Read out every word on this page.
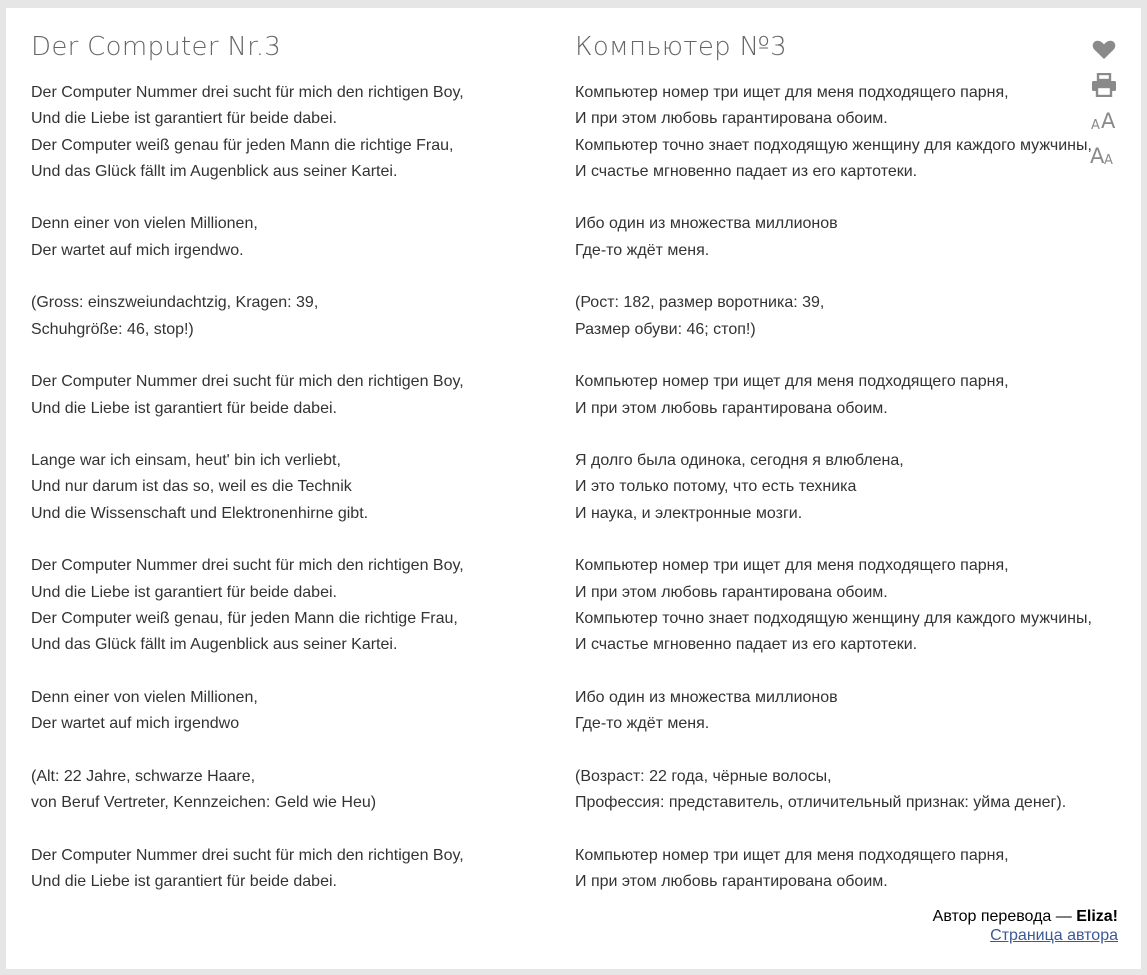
Der Computer Nr.3
Der Computer Nummer drei sucht für mich den richtigen Boy,
Und die Liebe ist garantiert für beide dabei.
Der Computer weiß genau für jeden Mann die richtige Frau,
Und das Glück fällt im Augenblick aus seiner Kartei.
Denn einer von vielen Millionen,
Der wartet auf mich irgendwo.
(Gross: einszweiundachtzig, Kragen: 39,
Schuhgröße: 46, stop!)
Der Computer Nummer drei sucht für mich den richtigen Boy,
Und die Liebe ist garantiert für beide dabei.
Lange war ich einsam, heut' bin ich verliebt,
Und nur darum ist das so, weil es die Technik
Und die Wissenschaft und Elektronenhirne gibt.
Der Computer Nummer drei sucht für mich den richtigen Boy,
Und die Liebe ist garantiert für beide dabei.
Der Computer weiß genau, für jeden Mann die richtige Frau,
Und das Glück fällt im Augenblick aus seiner Kartei.
Denn einer von vielen Millionen,
Der wartet auf mich irgendwo
(Alt: 22 Jahre, schwarze Haare,
von Beruf Vertreter, Kennzeichen: Geld wie Heu)
Der Computer Nummer drei sucht für mich den richtigen Boy,
Und die Liebe ist garantiert für beide dabei.
Компьютер №3
Компьютер номер три ищет для меня подходящего парня,
И при этом любовь гарантирована обоим.
Компьютер точно знает подходящую женщину для каждого мужчины,
И счастье мгновенно падает из его картотеки.
Ибо один из множества миллионов
Где-то ждёт меня.
(Рост: 182, размер воротника: 39,
Размер обуви: 46; стоп!)
Компьютер номер три ищет для меня подходящего парня,
И при этом любовь гарантирована обоим.
Я долго была одинока, сегодня я влюблена,
И это только потому, что есть техника
И наука, и электронные мозги.
Компьютер номер три ищет для меня подходящего парня,
И при этом любовь гарантирована обоим.
Компьютер точно знает подходящую женщину для каждого мужчины,
И счастье мгновенно падает из его картотеки.
Ибо один из множества миллионов
Где-то ждёт меня.
(Возраст: 22 года, чёрные волосы,
Профессия: представитель, отличительный признак: уйма денег).
Компьютер номер три ищет для меня подходящего парня,
И при этом любовь гарантирована обоим.
A A
A A
Автор перевода — Eliza!
Страница автора
